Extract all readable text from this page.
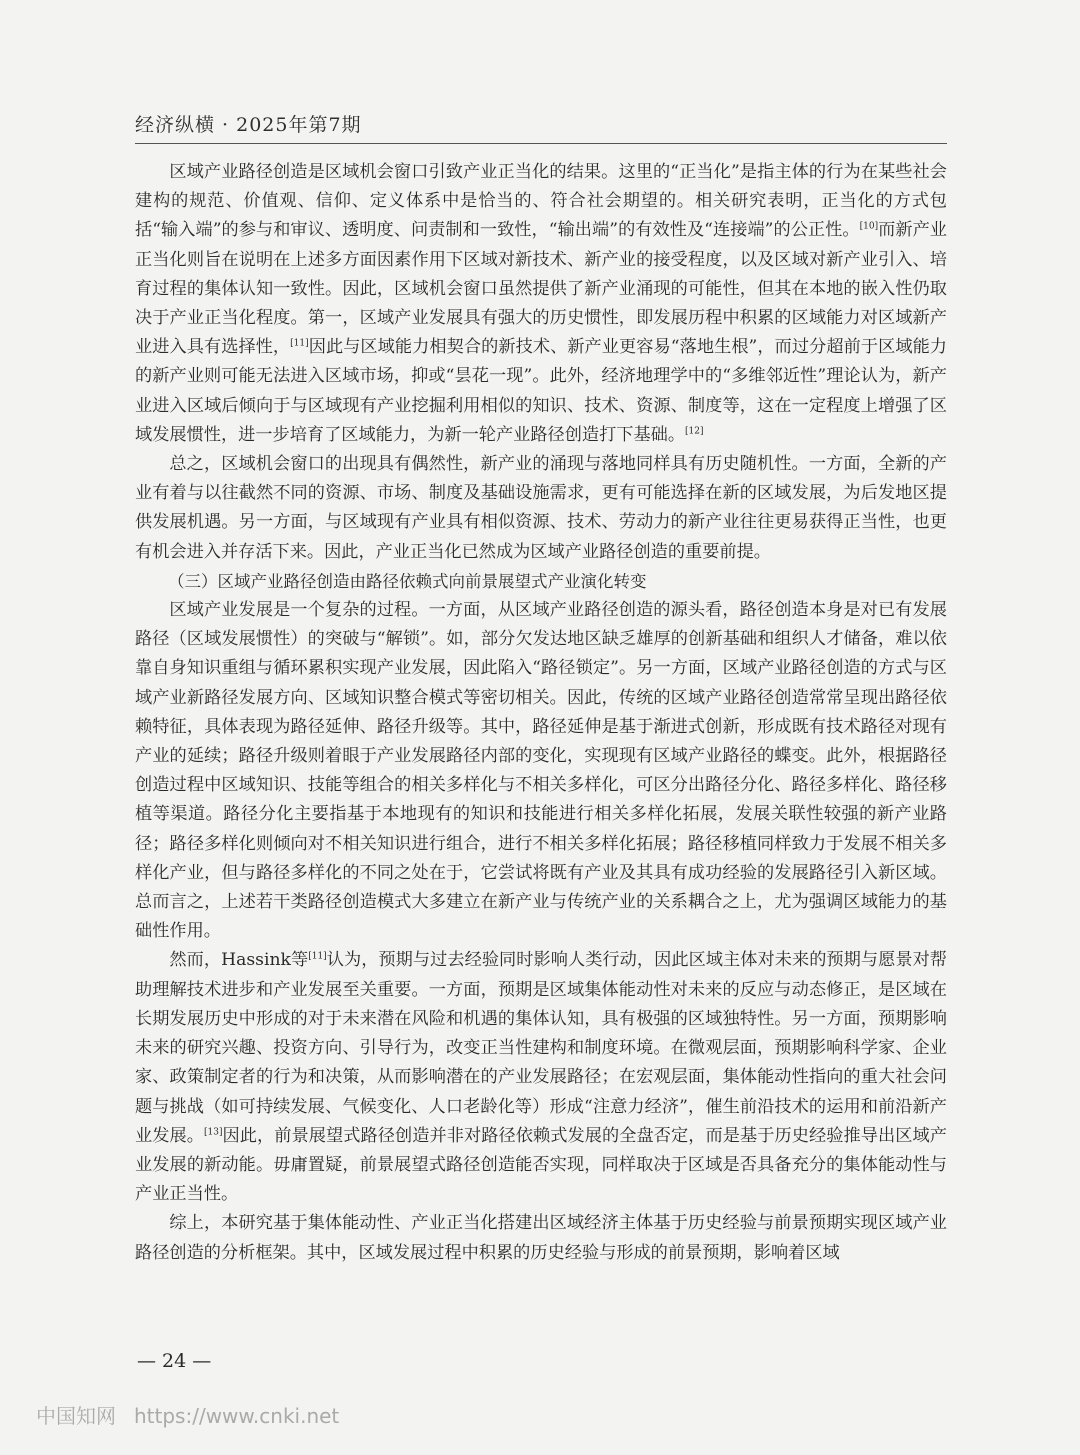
经济纵横 · 2025年第7期

区域产业路径创造是区域机会窗口引致产业正当化的结果。这里的“正当化”是指主体的行为在某些社会建构的规范、价值观、信仰、定义体系中是恰当的、符合社会期望的。相关研究表明，正当化的方式包括“输入端”的参与和审议、透明度、问责制和一致性，“输出端”的有效性及“连接端”的公正性。[10]而新产业正当化则旨在说明在上述多方面因素作用下区域对新技术、新产业的接受程度，以及区域对新产业引入、培育过程的集体认知一致性。因此，区域机会窗口虽然提供了新产业涌现的可能性，但其在本地的嵌入性仍取决于产业正当化程度。第一，区域产业发展具有强大的历史惯性，即发展历程中积累的区域能力对区域新产业进入具有选择性，[11]因此与区域能力相契合的新技术、新产业更容易“落地生根”，而过分超前于区域能力的新产业则可能无法进入区域市场，抑或“昙花一现”。此外，经济地理学中的“多维邻近性”理论认为，新产业进入区域后倾向于与区域现有产业挖掘利用相似的知识、技术、资源、制度等，这在一定程度上增强了区域发展惯性，进一步培育了区域能力，为新一轮产业路径创造打下基础。[12]

总之，区域机会窗口的出现具有偶然性，新产业的涌现与落地同样具有历史随机性。一方面，全新的产业有着与以往截然不同的资源、市场、制度及基础设施需求，更有可能选择在新的区域发展，为后发地区提供发展机遇。另一方面，与区域现有产业具有相似资源、技术、劳动力的新产业往往更易获得正当性，也更有机会进入并存活下来。因此，产业正当化已然成为区域产业路径创造的重要前提。

（三）区域产业路径创造由路径依赖式向前景展望式产业演化转变

区域产业发展是一个复杂的过程。一方面，从区域产业路径创造的源头看，路径创造本身是对已有发展路径（区域发展惯性）的突破与“解锁”。如，部分欠发达地区缺乏雄厚的创新基础和组织人才储备，难以依靠自身知识重组与循环累积实现产业发展，因此陷入“路径锁定”。另一方面，区域产业路径创造的方式与区域产业新路径发展方向、区域知识整合模式等密切相关。因此，传统的区域产业路径创造常常呈现出路径依赖特征，具体表现为路径延伸、路径升级等。其中，路径延伸是基于渐进式创新，形成既有技术路径对现有产业的延续；路径升级则着眼于产业发展路径内部的变化，实现现有区域产业路径的蝶变。此外，根据路径创造过程中区域知识、技能等组合的相关多样化与不相关多样化，可区分出路径分化、路径多样化、路径移植等渠道。路径分化主要指基于本地现有的知识和技能进行相关多样化拓展，发展关联性较强的新产业路径；路径多样化则倾向对不相关知识进行组合，进行不相关多样化拓展；路径移植同样致力于发展不相关多样化产业，但与路径多样化的不同之处在于，它尝试将既有产业及其具有成功经验的发展路径引入新区域。总而言之，上述若干类路径创造模式大多建立在新产业与传统产业的关系耦合之上，尤为强调区域能力的基础性作用。

然而，Hassink等[11]认为，预期与过去经验同时影响人类行动，因此区域主体对未来的预期与愿景对帮助理解技术进步和产业发展至关重要。一方面，预期是区域集体能动性对未来的反应与动态修正，是区域在长期发展历史中形成的对于未来潜在风险和机遇的集体认知，具有极强的区域独特性。另一方面，预期影响未来的研究兴趣、投资方向、引导行为，改变正当性建构和制度环境。在微观层面，预期影响科学家、企业家、政策制定者的行为和决策，从而影响潜在的产业发展路径；在宏观层面，集体能动性指向的重大社会问题与挑战（如可持续发展、气候变化、人口老龄化等）形成“注意力经济”，催生前沿技术的运用和前沿新产业发展。[13]因此，前景展望式路径创造并非对路径依赖式发展的全盘否定，而是基于历史经验推导出区域产业发展的新动能。毋庸置疑，前景展望式路径创造能否实现，同样取决于区域是否具备充分的集体能动性与产业正当性。

综上，本研究基于集体能动性、产业正当化搭建出区域经济主体基于历史经验与前景预期实现区域产业路径创造的分析框架。其中，区域发展过程中积累的历史经验与形成的前景预期，影响着区域

— 24 —
中国知网 https://www.cnki.net
